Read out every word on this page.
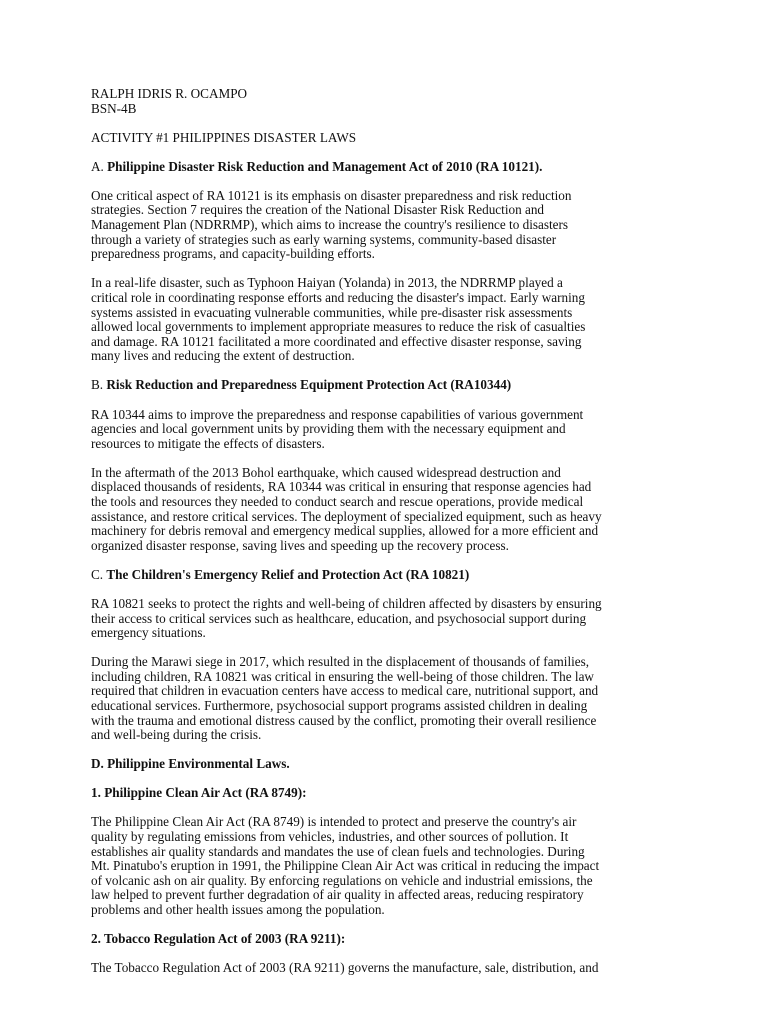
RALPH IDRIS R. OCAMPO

BSN-4B

ACTIVITY #1 PHILIPPINES DISASTER LAWS

A. Philippine Disaster Risk Reduction and Management Act of 2010 (RA 10121).

One critical aspect of RA 10121 is its emphasis on disaster preparedness and risk reduction
strategies. Section 7 requires the creation of the National Disaster Risk Reduction and
Management Plan (NDRRMP), which aims to increase the country's resilience to disasters
through a variety of strategies such as early warning systems, community-based disaster
preparedness programs, and capacity-building efforts.

In a real-life disaster, such as Typhoon Haiyan (Yolanda) in 2013, the NDRRMP played a
critical role in coordinating response efforts and reducing the disaster's impact. Early warning
systems assisted in evacuating vulnerable communities, while pre-disaster risk assessments
allowed local governments to implement appropriate measures to reduce the risk of casualties
and damage. RA 10121 facilitated a more coordinated and effective disaster response, saving
many lives and reducing the extent of destruction.

B. Risk Reduction and Preparedness Equipment Protection Act (RA10344)

RA 10344 aims to improve the preparedness and response capabilities of various government
agencies and local government units by providing them with the necessary equipment and
resources to mitigate the effects of disasters.

In the aftermath of the 2013 Bohol earthquake, which caused widespread destruction and
displaced thousands of residents, RA 10344 was critical in ensuring that response agencies had
the tools and resources they needed to conduct search and rescue operations, provide medical
assistance, and restore critical services. The deployment of specialized equipment, such as heavy
machinery for debris removal and emergency medical supplies, allowed for a more efficient and
organized disaster response, saving lives and speeding up the recovery process.

C. The Children's Emergency Relief and Protection Act (RA 10821)

RA 10821 seeks to protect the rights and well-being of children affected by disasters by ensuring
their access to critical services such as healthcare, education, and psychosocial support during
emergency situations.

During the Marawi siege in 2017, which resulted in the displacement of thousands of families,
including children, RA 10821 was critical in ensuring the well-being of those children. The law
required that children in evacuation centers have access to medical care, nutritional support, and
educational services. Furthermore, psychosocial support programs assisted children in dealing
with the trauma and emotional distress caused by the conflict, promoting their overall resilience
and well-being during the crisis.

D. Philippine Environmental Laws.

1. Philippine Clean Air Act (RA 8749):

The Philippine Clean Air Act (RA 8749) is intended to protect and preserve the country's air
quality by regulating emissions from vehicles, industries, and other sources of pollution. It
establishes air quality standards and mandates the use of clean fuels and technologies. During
Mt. Pinatubo's eruption in 1991, the Philippine Clean Air Act was critical in reducing the impact
of volcanic ash on air quality. By enforcing regulations on vehicle and industrial emissions, the
law helped to prevent further degradation of air quality in affected areas, reducing respiratory
problems and other health issues among the population.

2. Tobacco Regulation Act of 2003 (RA 9211):

The Tobacco Regulation Act of 2003 (RA 9211) governs the manufacture, sale, distribution, and
